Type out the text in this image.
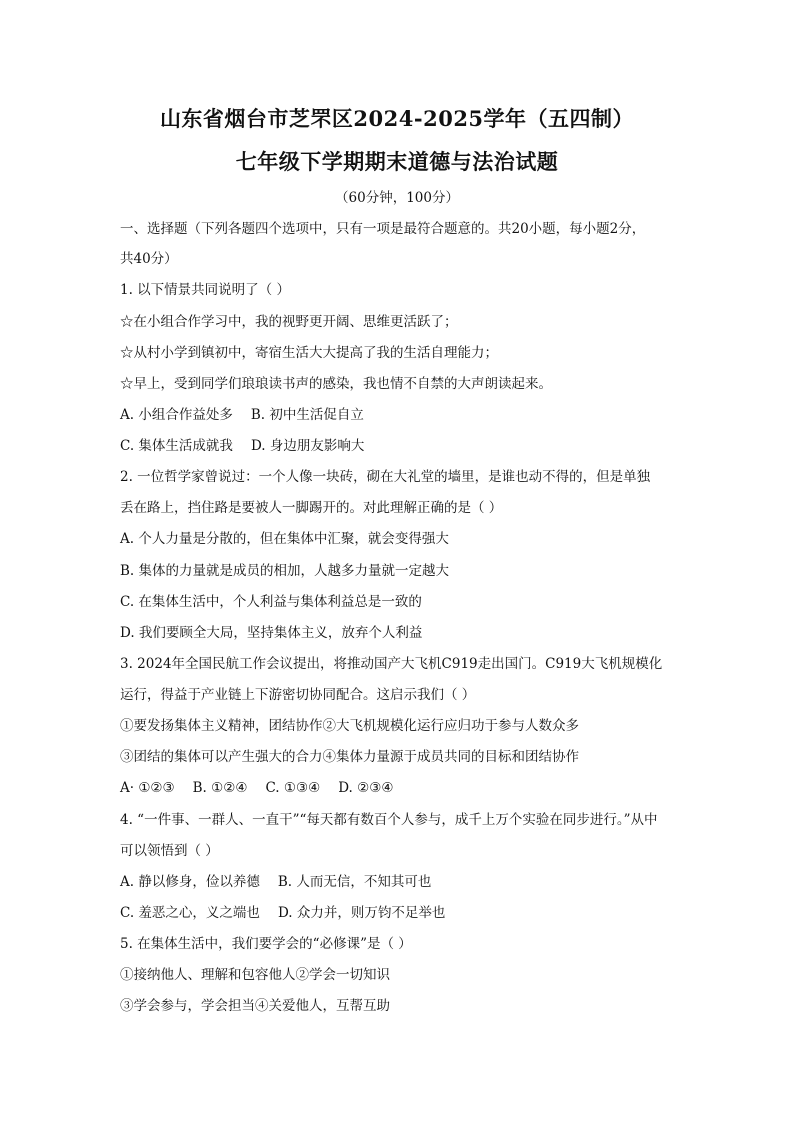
山东省烟台市芝罘区2024-2025学年（五四制）
七年级下学期期末道德与法治试题
（60分钟，100分）
一、选择题（下列各题四个选项中，只有一项是最符合题意的。共20小题，每小题2分，
共40分）
1. 以下情景共同说明了（ ）
☆在小组合作学习中，我的视野更开阔、思维更活跃了；
☆从村小学到镇初中，寄宿生活大大提高了我的生活自理能力；
☆早上，受到同学们琅琅读书声的感染，我也情不自禁的大声朗读起来。
A. 小组合作益处多 B. 初中生活促自立
C. 集体生活成就我 D. 身边朋友影响大
2. 一位哲学家曾说过：一个人像一块砖，砌在大礼堂的墙里，是谁也动不得的，但是单独
丢在路上，挡住路是要被人一脚踢开的。对此理解正确的是（ ）
A. 个人力量是分散的，但在集体中汇聚，就会变得强大
B. 集体的力量就是成员的相加，人越多力量就一定越大
C. 在集体生活中，个人利益与集体利益总是一致的
D. 我们要顾全大局，坚持集体主义，放弃个人利益
3. 2024年全国民航工作会议提出，将推动国产大飞机C919走出国门。C919大飞机规模化
运行，得益于产业链上下游密切协同配合。这启示我们（ ）
①要发扬集体主义精神，团结协作②大飞机规模化运行应归功于参与人数众多
③团结的集体可以产生强大的合力④集体力量源于成员共同的目标和团结协作
A· ①②③ B. ①②④ C. ①③④ D. ②③④
4. “一件事、一群人、一直干”“每天都有数百个人参与，成千上万个实验在同步进行。”从中
可以领悟到（ ）
A. 静以修身，俭以养德 B. 人而无信，不知其可也
C. 羞恶之心，义之端也 D. 众力并，则万钧不足举也
5. 在集体生活中，我们要学会的“必修课”是（ ）
①接纳他人、理解和包容他人②学会一切知识
③学会参与，学会担当④关爱他人，互帮互助
